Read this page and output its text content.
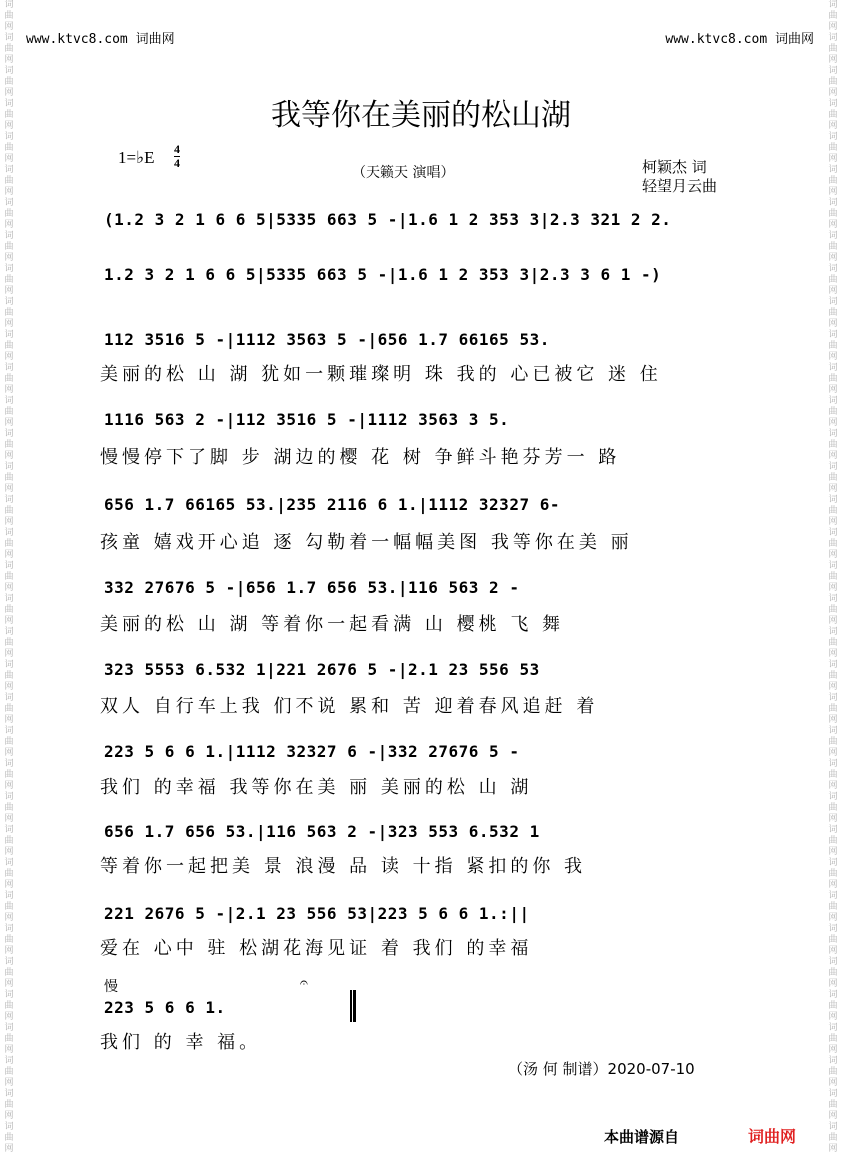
词
曲
网
词
曲
网
词
曲
网
词
曲
网
词
曲
网
词
曲
网
词
曲
网
词
曲
网
词
曲
网
词
曲
网
词
曲
网
词
曲
网
词
曲
网
词
曲
网
词
曲
网
词
曲
网
词
曲
网
词
曲
网
词
曲
网
词
曲
网
词
曲
网
词
曲
网
词
曲
网
词
曲
网
词
曲
网
词
曲
网
词
曲
网
词
曲
网
词
曲
网
词
曲
网
词
曲
网
词
曲
网
词
曲
网
词
曲
网
词
曲
网
词
曲
网
词
曲
网
词
曲
网
词
曲
网
词
曲
网
词
曲
网
词
曲
网
词
曲
网
词
曲
网
词
曲
网
词
曲
网
词
曲
网
词
曲
网
词
曲
网
词
曲
网
词
曲
网
词
曲
网
词
曲
网
词
曲
网
词
曲
网
词
曲
网
词
曲
网
词
曲
网
词
曲
网
词
曲
网
词
曲
网
词
曲
网
词
曲
网
词
曲
网
词
曲
网
词
曲
网
词
曲
网
词
曲
网
词
曲
网
词
曲
网
www.ktvc8.com 词曲网	www.ktvc8.com 词曲网
我等你在美丽的松山湖
1=♭E 4
4
（天籁天 演唱）	柯颖杰 词
轻望月云曲
(1.2 3 2 1 6 6 5|5335 663 5 -|1.6 1 2 353 3|2.3 321 2 2.
1.2 3 2 1 6 6 5|5335 663 5 -|1.6 1 2 353 3|2.3 3 6 1 -)
112 3516 5 -|1112 3563 5 -|656 1.7 66165 53.
1116 563 2 -|112 3516 5 -|1112 3563 3 5.
656 1.7 66165 53.|235 2116 6 1.|1112 32327 6-
332 27676 5 -|656 1.7 656 53.|116 563 2 -
323 5553 6.532 1|221 2676 5 -|2.1 23 556 53
223 5 6 6 1.|1112 32327 6 -|332 27676 5 -
656 1.7 656 53.|116 563 2 -|323 553 6.532 1
221 2676 5 -|2.1 23 556 53|223 5 6 6 1.:||
223 5 6 6 1.
美丽的松 山 湖 犹如一颗璀璨明 珠 我的 心已被它 迷 住
慢慢停下了脚 步 湖边的樱 花 树 争鲜斗艳芬芳一 路
孩童 嬉戏开心追 逐 勾勒着一幅幅美图 我等你在美 丽
美丽的松 山 湖 等着你一起看满 山 樱桃 飞 舞
双人 自行车上我 们不说 累和 苦 迎着春风追赶 着
我们 的幸福 我等你在美 丽 美丽的松 山 湖
等着你一起把美 景 浪漫 品 读 十指 紧扣的你 我
爱在 心中 驻 松湖花海见证 着 我们 的幸福
我们 的 幸 福。
慢	𝄐
（汤 何 制谱）2020-07-10
本曲谱源自	词曲网
